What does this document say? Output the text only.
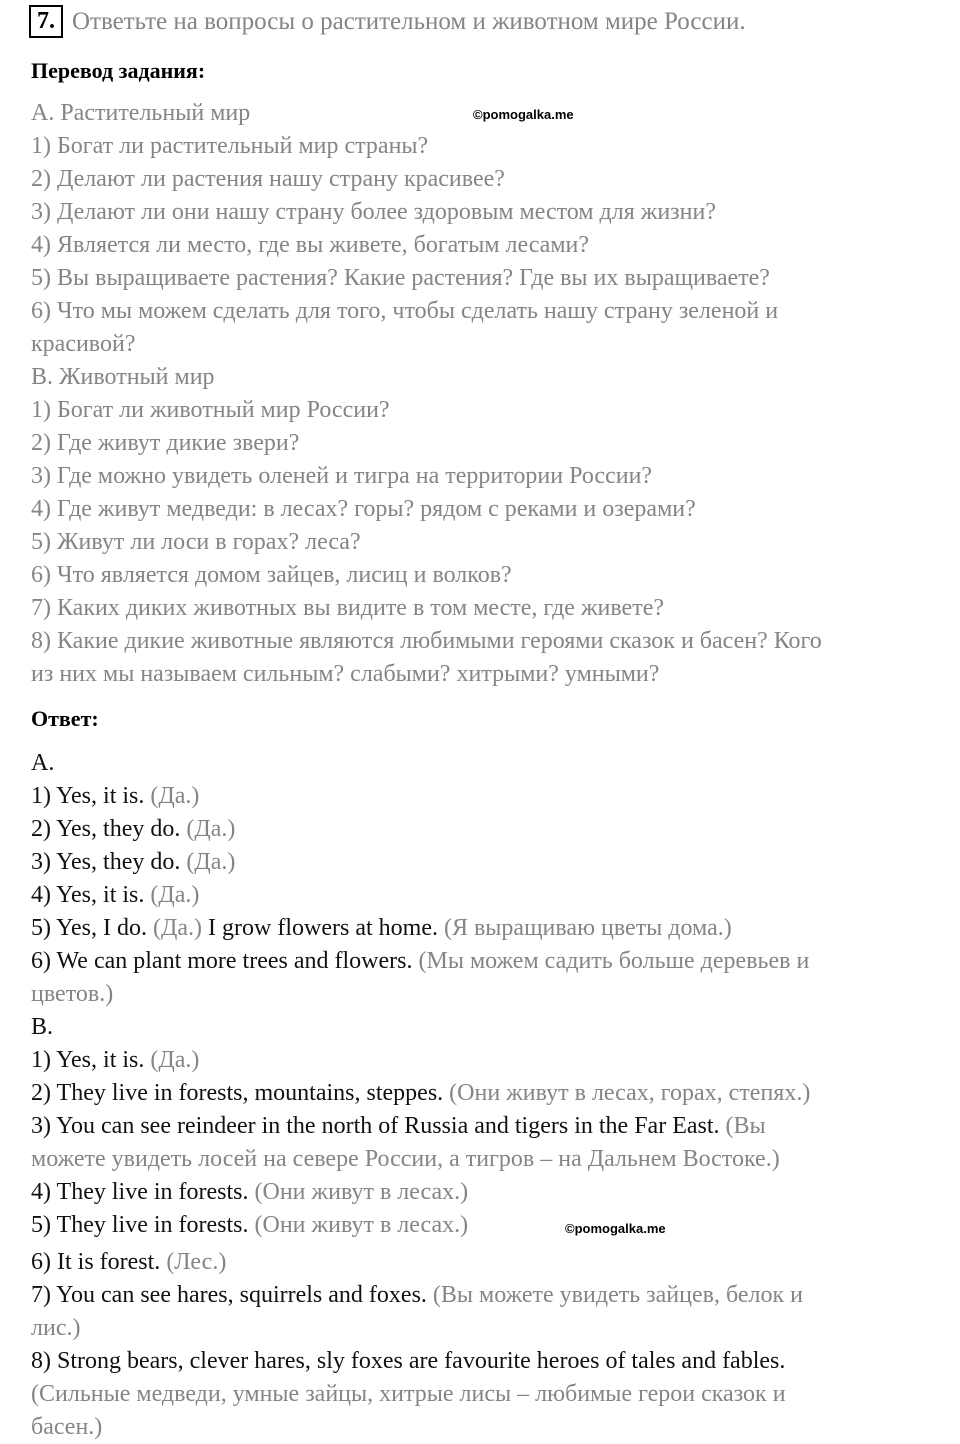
7. Ответьте на вопросы о растительном и животном мире России.
Перевод задания:
А. Растительный мир
1) Богат ли растительный мир страны?
2) Делают ли растения нашу страну красивее?
3) Делают ли они нашу страну более здоровым местом для жизни?
4) Является ли место, где вы живете, богатым лесами?
5) Вы выращиваете растения? Какие растения? Где вы их выращиваете?
6) Что мы можем сделать для того, чтобы сделать нашу страну зеленой и
красивой?
В. Животный мир
1) Богат ли животный мир России?
2) Где живут дикие звери?
3) Где можно увидеть оленей и тигра на территории России?
4) Где живут медведи: в лесах? горы? рядом с реками и озерами?
5) Живут ли лоси в горах? леса?
6) Что является домом зайцев, лисиц и волков?
7) Каких диких животных вы видите в том месте, где живете?
8) Какие дикие животные являются любимыми героями сказок и басен? Кого
из них мы называем сильным? слабыми? хитрыми? умными?
Ответ:
A.
1) Yes, it is. (Да.)
2) Yes, they do. (Да.)
3) Yes, they do. (Да.)
4) Yes, it is. (Да.)
5) Yes, I do. (Да.) I grow flowers at home. (Я выращиваю цветы дома.)
6) We can plant more trees and flowers. (Мы можем садить больше деревьев и
цветов.)
B.
1) Yes, it is. (Да.)
2) They live in forests, mountains, steppes. (Они живут в лесах, горах, степях.)
3) You can see reindeer in the north of Russia and tigers in the Far East. (Вы
можете увидеть лосей на севере России, а тигров – на Дальнем Востоке.)
4) They live in forests. (Они живут в лесах.)
5) They live in forests. (Они живут в лесах.)
6) It is forest. (Лес.)
7) You can see hares, squirrels and foxes. (Вы можете увидеть зайцев, белок и
лис.)
8) Strong bears, clever hares, sly foxes are favourite heroes of tales and fables.
(Сильные медведи, умные зайцы, хитрые лисы – любимые герои сказок и
басен.)
©pomogalka.me
©pomogalka.me
